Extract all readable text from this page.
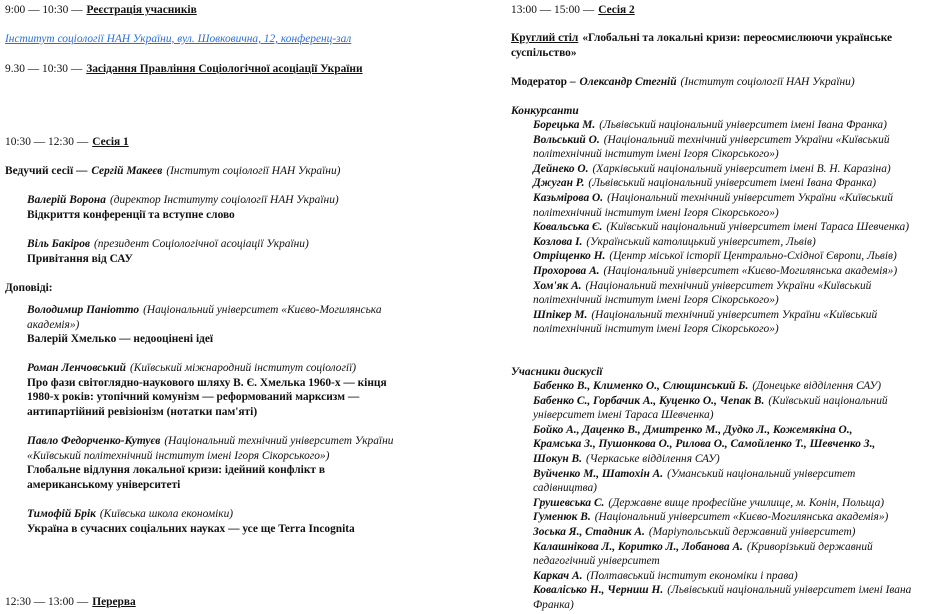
9:00 — 10:30 — Реєстрація учасників
Інститут соціології НАН України, вул. Шовковична, 12, конференц-зал
9.30 — 10:30 — Засідання Правління Соціологічної асоціації України
10:30 — 12:30 — Сесія 1
Ведучий сесії — Сергій Макеєв (Інститут соціології НАН України)
Валерій Ворона (директор Інституту соціології НАН України)
Відкриття конференції та вступне слово
Віль Бакіров (президент Соціологічної асоціації України)
Привітання від САУ
Доповіді:
Володимир Паніотто (Національний університет «Києво-Могилянська
академія»)
Валерій Хмелько — недооцінені ідеї
Роман Ленчовський (Київський міжнародний інститут соціології)
Про фази світоглядно-наукового шляху В. Є. Хмелька 1960-х — кінця
1980-х років: утопічний комунізм — реформований марксизм —
антипартійний ревізіонізм (нотатки пам'яті)
Павло Федорченко-Кутуєв (Національний технічний університет України
«Київський політехнічний інститут імені Ігоря Сікорського»)
Глобальне відлуння локальної кризи: ідейний конфлікт в
американському університеті
Тимофій Брік (Київська школа економіки)
Україна в сучасних соціальних науках — усе ще Terra Incognita
12:30 — 13:00 — Перерва
13:00 — 15:00 — Сесія 2
Круглий стіл «Глобальні та локальні кризи: переосмислюючи українське
суспільство»
Модератор – Олександр Стегній (Інститут соціології НАН України)
Конкурсанти
Борецька М. (Львівський національний університет імені Івана Франка)
Вольський О. (Національний технічний університет України «Київський
політехнічний інститут імені Ігоря Сікорського»)
Дейнеко О. (Харківський національний університет імені В. Н. Каразіна)
Джуган Р. (Львівський національний університет імені Івана Франка)
Казьмірова О. (Національний технічний університет України «Київський
політехнічний інститут імені Ігоря Сікорського»)
Ковальська Є. (Київський національний університет імені Тараса Шевченка)
Козлова І. (Український католицький університет, Львів)
Отріщенко Н. (Центр міської історії Центрально-Східної Європи, Львів)
Прохорова А. (Національний університет «Києво-Могилянська академія»)
Хом'як А. (Національний технічний університет України «Київський
політехнічний інститут імені Ігоря Сікорського»)
Шпікер М. (Національний технічний університет України «Київський
політехнічний інститут імені Ігоря Сікорського»)
Учасники дискусії
Бабенко В., Клименко О., Слющинський Б. (Донецьке відділення САУ)
Бабенко С., Горбачик А., Куценко О., Чепак В. (Київський національний
університет імені Тараса Шевченка)
Бойко А., Даценко В., Дмитренко М., Дудко Л., Кожемякіна О.,
Крамська З., Пушонкова О., Рилова О., Самойленко Т., Шевченко З.,
Шокун В. (Черкаське відділення САУ)
Вуйченко М., Шатохін А. (Уманський національний університет
садівництва)
Грушевська С. (Державне вище професійне училище, м. Конін, Польща)
Гуменюк В. (Національний університет «Києво-Могилянська академія»)
Зоська Я., Стадник А. (Маріупольський державний університет)
Калашнікова Л., Коритко Л., Лобанова А. (Криворізький державний
педагогічний університет
Каркач А. (Полтавський інститут економіки і права)
Ковалісько Н., Черниш Н. (Львівський національний університет імені Івана
Франка)
